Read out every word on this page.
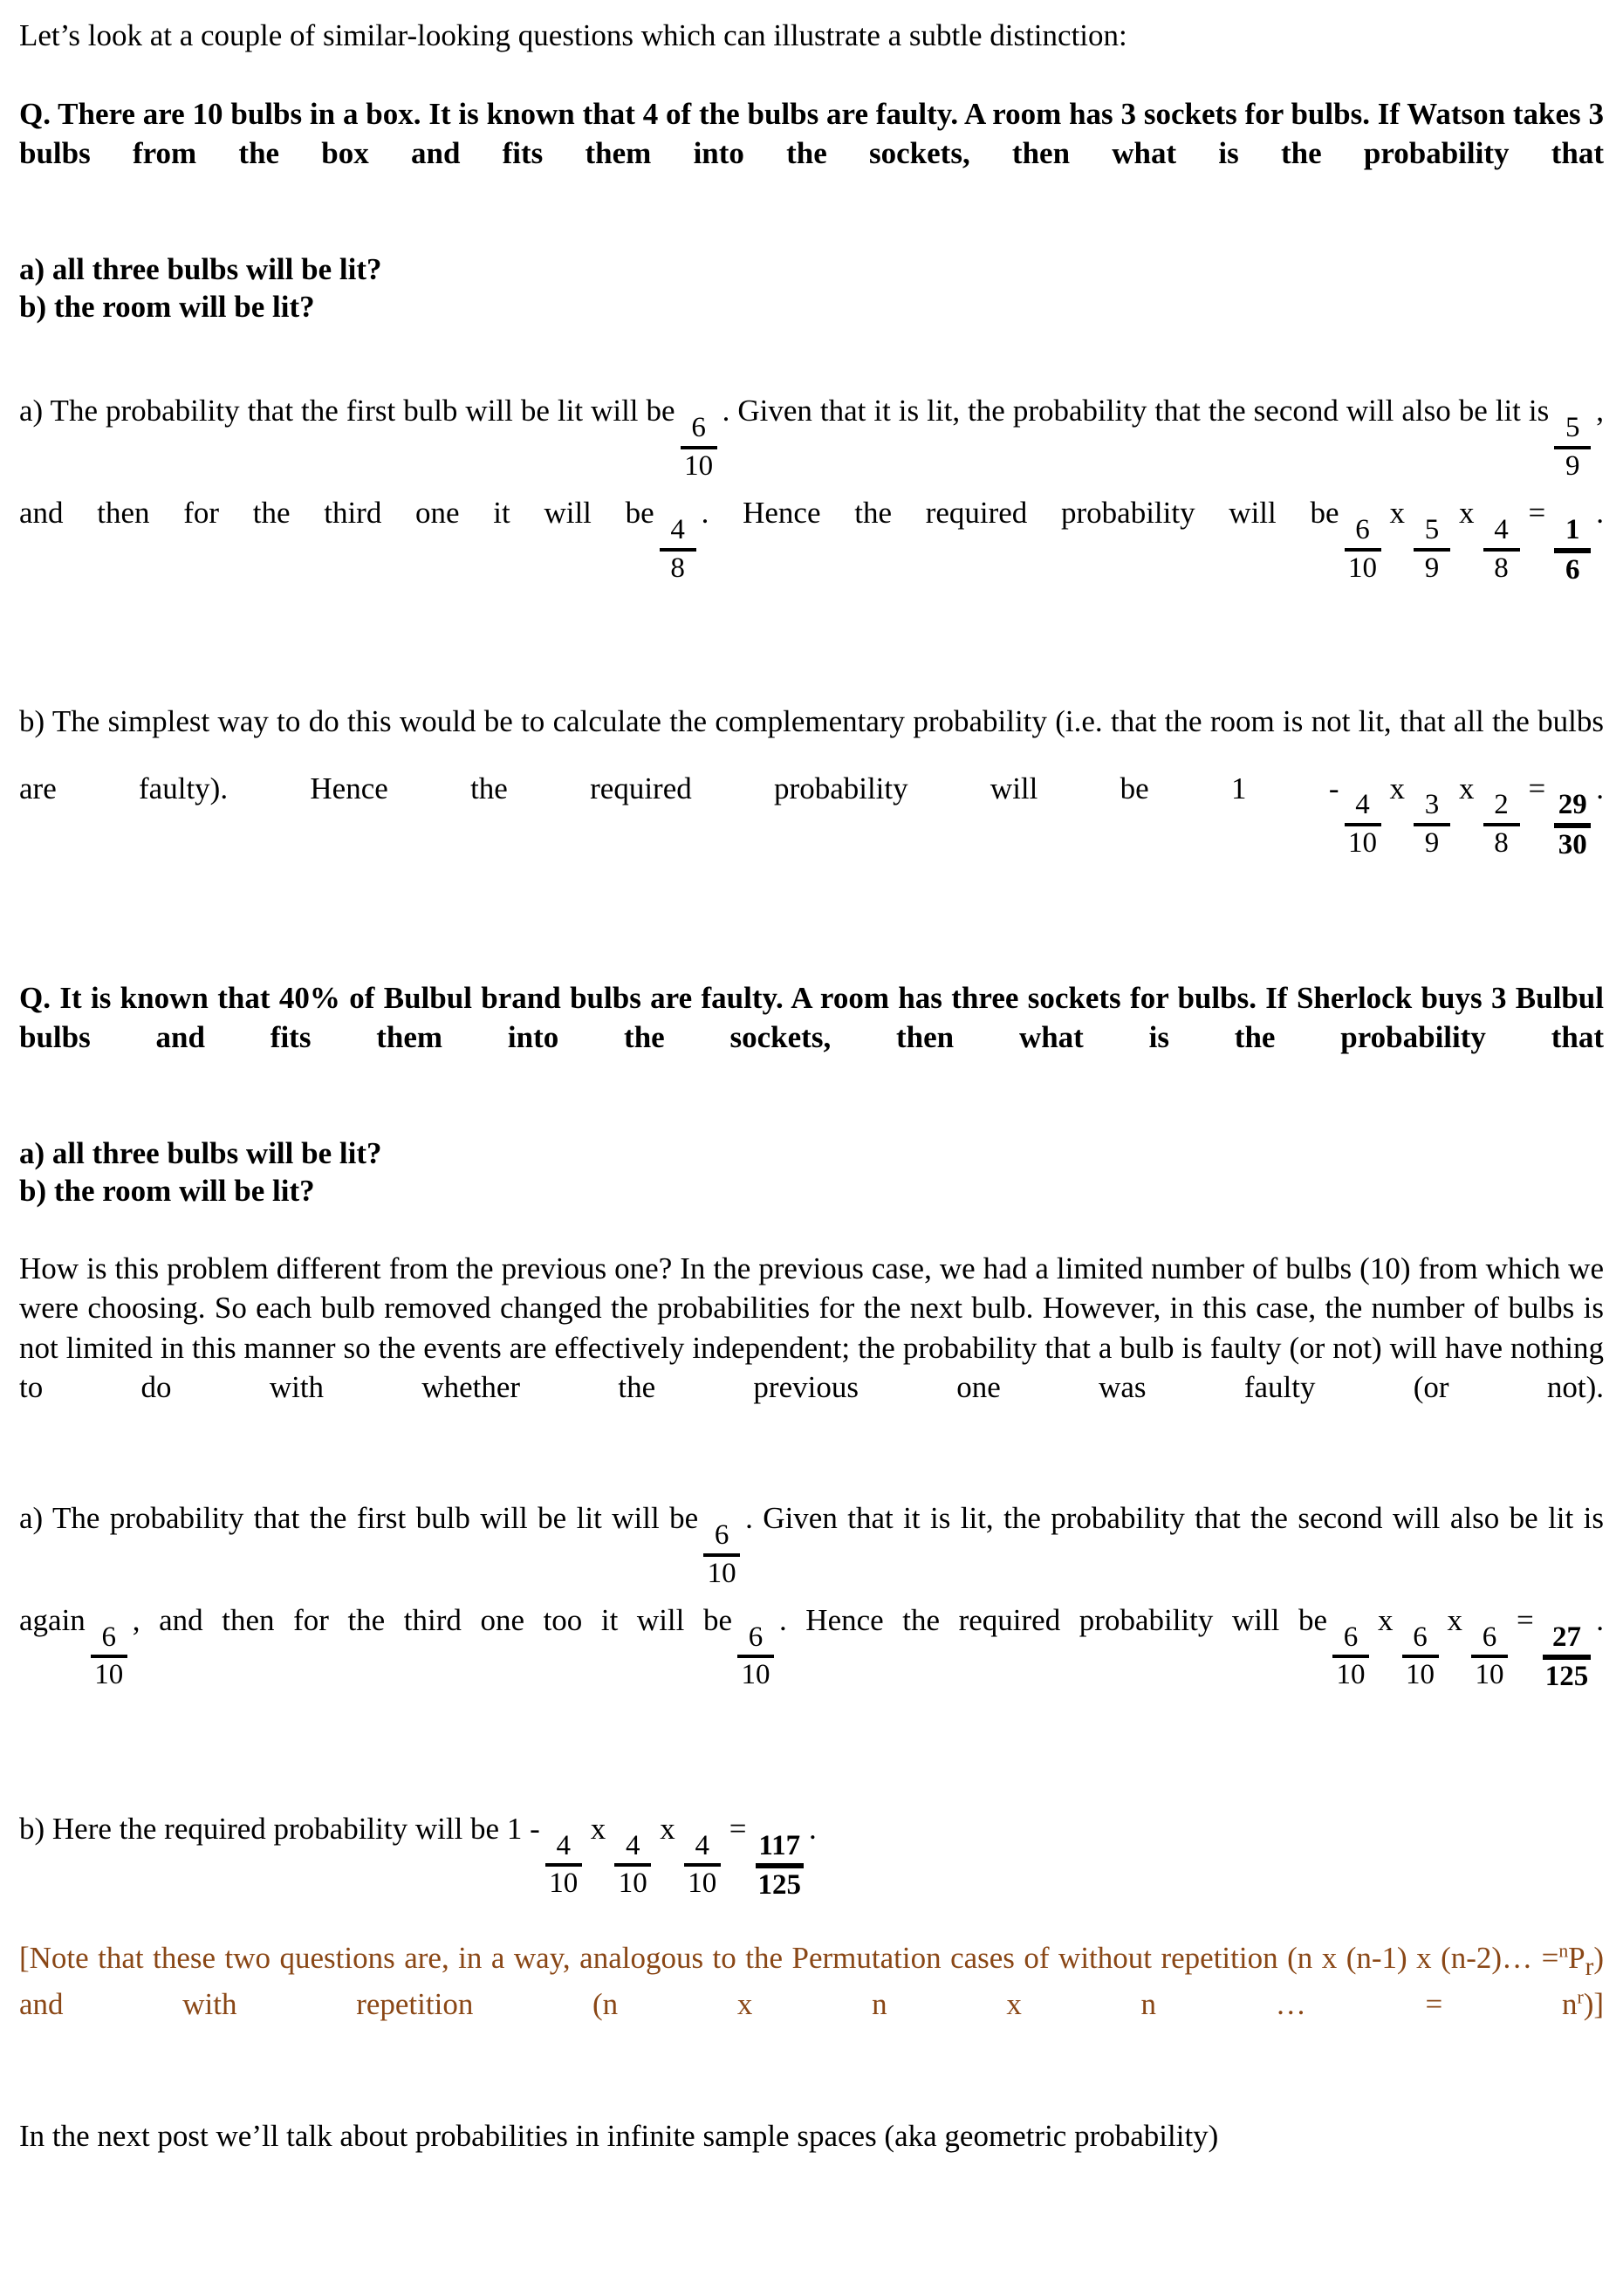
Let’s look at a couple of similar-looking questions which can illustrate a subtle distinction:

Q. There are 10 bulbs in a box. It is known that 4 of the bulbs are faulty. A room has 3 sockets for bulbs. If Watson takes 3 bulbs from the box and fits them into the sockets, then what is the probability that

a) all three bulbs will be lit?

b) the room will be lit?

a) The probability that the first bulb will be lit will be
$\frac{6}{10}$
. Given that it is lit, the probability that the second will also be lit is
$\frac{5}{9}$
, and then for the third one it will be
$\frac{4}{8}$
. Hence the required probability will be
$\frac{6}{10}$
x
$\frac{5}{9}$
x
$\frac{4}{8}$
= 1
6
.

b) The simplest way to do this would be to calculate the complementary probability (i.e. that the room is not lit, that all the bulbs are faulty). Hence the required probability will be 1 -
$\frac{4}{10}$
x
$\frac{3}{9}$
x
$\frac{2}{8}$
= 29
30
.

Q. It is known that 40% of Bulbul brand bulbs are faulty. A room has three sockets for bulbs. If Sherlock buys 3 Bulbul bulbs and fits them into the sockets, then what is the probability that

a) all three bulbs will be lit?

b) the room will be lit?

How is this problem different from the previous one? In the previous case, we had a limited number of bulbs (10) from which we were choosing. So each bulb removed changed the probabilities for the next bulb. However, in this case, the number of bulbs is not limited in this manner so the events are effectively independent; the probability that a bulb is faulty (or not) will have nothing to do with whether the previous one was faulty (or not).

a) The probability that the first bulb will be lit will be
$\frac{6}{10}$
. Given that it is lit, the probability that the second will also be lit is again
$\frac{6}{10}$
, and then for the third one too it will be
$\frac{6}{10}$
. Hence the required probability will be
$\frac{6}{10}$
x
$\frac{6}{10}$
x
$\frac{6}{10}$
= 27
125
.

b) Here the required probability will be 1 -
$\frac{4}{10}$
x
$\frac{4}{10}$
x
$\frac{4}{10}$
= 117
125
.

[Note that these two questions are, in a way, analogous to the Permutation cases of without repetition (n x (n-1) x (n-2)… $=^nP_r$) and with repetition (n x n x n … = $n^r$)]

In the next post we’ll talk about probabilities in infinite sample spaces (aka geometric probability)
